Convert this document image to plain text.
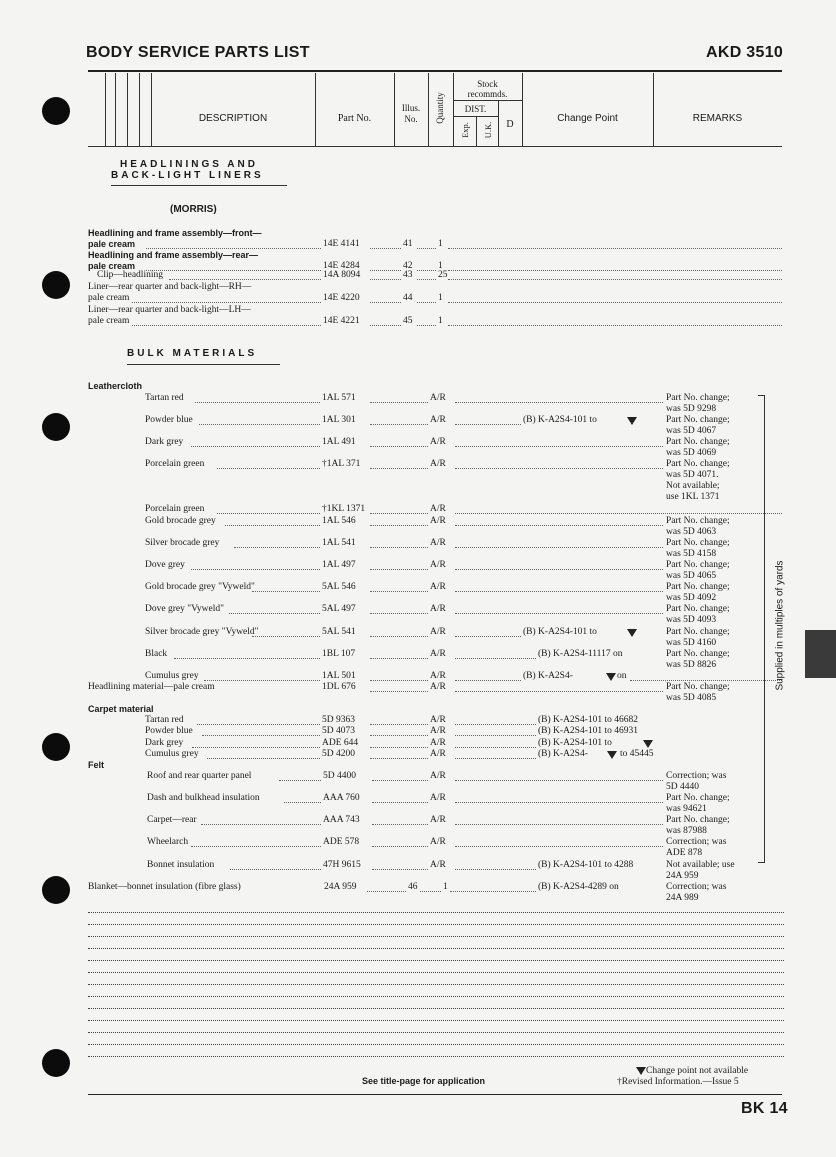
BODY SERVICE PARTS LIST	AKD 3510
DESCRIPTION	Part No.
Illus.
No.	Quantity
Stock
recommds.
DIST.
Exp. U.K.	D
Change Point	REMARKS
HEADLININGS AND
BACK-LIGHT LINERS
(MORRIS)
Headlining and frame assembly—front—
pale cream	14E 4141	41	1
Headlining and frame assembly—rear—
pale cream	14E 4284	42	1
Clip—headlining	14A 8094	43	25
Liner—rear quarter and back-light—RH—
pale cream	14E 4220	44	1
Liner—rear quarter and back-light—LH—
pale cream	14E 4221	45	1
BULK MATERIALS
Leathercloth
Tartan red	1AL 571	A/R	Part No. change;
was 5D 9298
Powder blue	1AL 301	A/R	(B) K-A2S4-101 to	Part No. change;
was 5D 4067
Dark grey	1AL 491	A/R	Part No. change;
was 5D 4069
Porcelain green	†1AL 371	A/R	Part No. change;
was 5D 4071.
Not available;
use 1KL 1371
Porcelain green	†1KL 1371	A/R
Gold brocade grey	1AL 546	A/R	Part No. change;
was 5D 4063
Silver brocade grey	1AL 541	A/R	Part No. change;
was 5D 4158
Dove grey	1AL 497	A/R	Part No. change;
was 5D 4065
Gold brocade grey "Vyweld"	5AL 546	A/R	Part No. change;
was 5D 4092
Dove grey "Vyweld"	5AL 497	A/R	Part No. change;
was 5D 4093
Silver brocade grey "Vyweld"	5AL 541	A/R	(B) K-A2S4-101 to	Part No. change;
was 5D 4160
Black	1BL 107	A/R	(B) K-A2S4-11117 on	Part No. change;
was 5D 8826
Cumulus grey	1AL 501	A/R	(B) K-A2S4-	on
Carpet material
Tartan red	5D 9363	A/R	(B) K-A2S4-101 to 46682
Powder blue	5D 4073	A/R	(B) K-A2S4-101 to 46931
Dark grey	ADE 644	A/R	(B) K-A2S4-101 to
Cumulus grey	5D 4200	A/R	(B) K-A2S4-	to 45445
Felt
Roof and rear quarter panel	5D 4400	A/R	Correction; was
5D 4440
Dash and bulkhead insulation	AAA 760	A/R	Part No. change;
was 94621
Carpet—rear	AAA 743	A/R	Part No. change;
was 87988
Wheelarch	ADE 578	A/R	Correction; was
ADE 878
Bonnet insulation	47H 9615	A/R	(B) K-A2S4-101 to 4288	Not available; use
24A 959
Headlining material—pale cream	1DL 676	A/R	Part No. change;
was 5D 4085
Blanket—bonnet insulation (fibre glass)	24A 959	46	1	(B) K-A2S4-4289 on	Correction; was
24A 989
Supplied in multiples of yards
See title-page for application
Change point not available
†Revised Information.—Issue 5
BK 14
